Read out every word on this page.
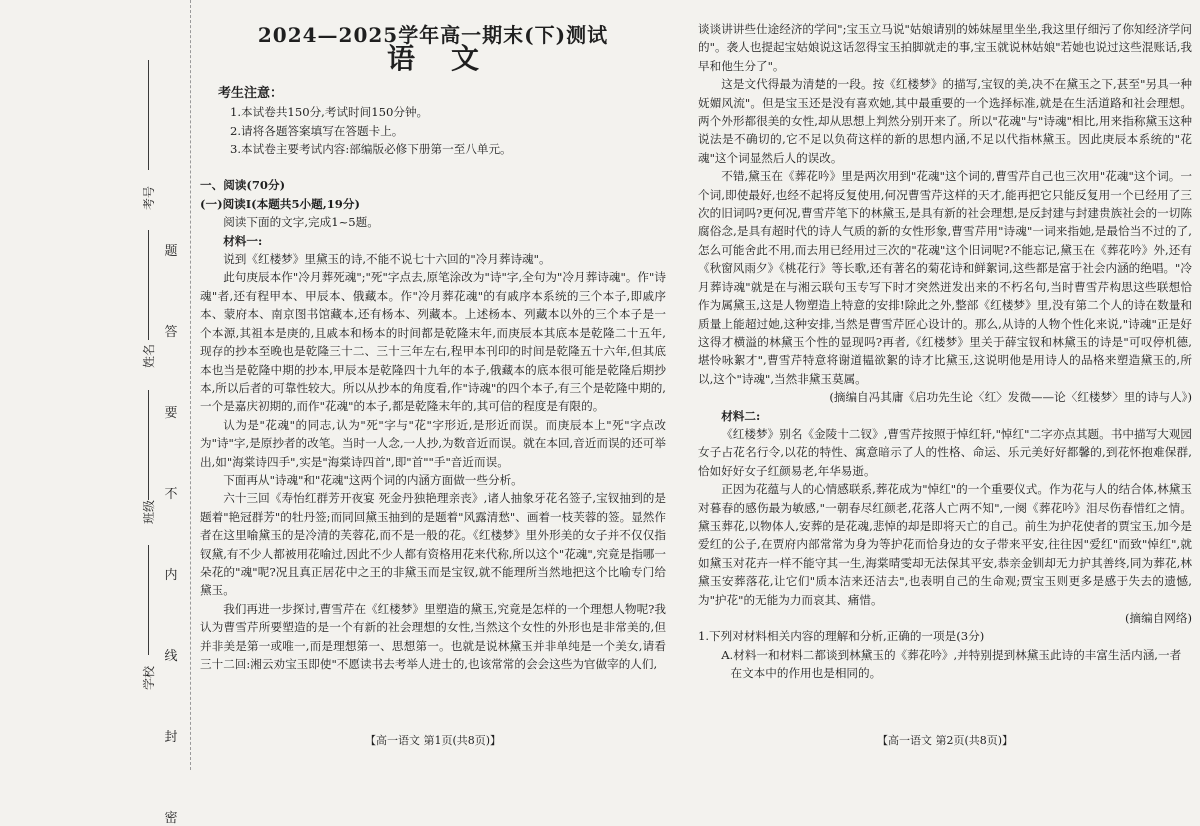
考号
姓名
班级
学校
题
答
要
不
内
线
封
密
2024—2025学年高一期末(下)测试
语文
考生注意：
1.本试卷共150分,考试时间150分钟。
2.请将各题答案填写在答题卡上。
3.本试卷主要考试内容:部编版必修下册第一至八单元。
一、阅读(70分)
(一)阅读Ⅰ(本题共5小题,19分)

阅读下面的文字,完成1~5题。

材料一:

说到《红楼梦》里黛玉的诗,不能不说七十六回的"冷月葬诗魂"。

此句庚辰本作"冷月葬死魂";"死"字点去,原笔涂改为"诗"字,全句为"冷月葬诗魂"。作"诗魂"者,还有程甲本、甲辰本、俄藏本。作"冷月葬花魂"的有戚序本系统的三个本子,即戚序本、蒙府本、南京图书馆藏本,还有杨本、列藏本。上述杨本、列藏本以外的三个本子是一个本源,其祖本是庚的,且戚本和杨本的时间都是乾隆末年,而庚辰本其底本是乾隆二十五年,现存的抄本至晚也是乾隆三十二、三十三年左右,程甲本刊印的时间是乾隆五十六年,但其底本也当是乾隆中期的抄本,甲辰本是乾隆四十九年的本子,俄藏本的底本很可能是乾隆后期抄本,所以后者的可靠性较大。所以从抄本的角度看,作"诗魂"的四个本子,有三个是乾隆中期的,一个是嘉庆初期的,而作"花魂"的本子,都是乾隆末年的,其可信的程度是有限的。

认为是"花魂"的同志,认为"死"字与"花"字形近,是形近而误。而庚辰本上"死"字点改为"诗"字,是原抄者的改笔。当时一人念,一人抄,为数音近而误。就在本回,音近而误的还可举出,如"海棠诗四手",实是"海棠诗四首",即"首""手"音近而误。

下面再从"诗魂"和"花魂"这两个词的内涵方面做一些分析。

六十三回《寿怡红群芳开夜宴 死金丹独艳理亲丧》,诸人抽象牙花名签子,宝钗抽到的是题着"艳冠群芳"的牡丹签;而同回黛玉抽到的是题着"风露清愁"、画着一枝芙蓉的签。显然作者在这里喻黛玉的是冷清的芙蓉花,而不是一般的花。《红楼梦》里外形美的女子并不仅仅指钗黛,有不少人都被用花喻过,因此不少人都有资格用花来代称,所以这个"花魂",究竟是指哪一朵花的"魂"呢?况且真正居花中之王的非黛玉而是宝钗,就不能理所当然地把这个比喻专门给黛玉。

我们再进一步探讨,曹雪芹在《红楼梦》里塑造的黛玉,究竟是怎样的一个理想人物呢?我认为曹雪芹所要塑造的是一个有新的社会理想的女性,当然这个女性的外形也是非常美的,但并非美是第一或唯一,而是理想第一、思想第一。也就是说林黛玉并非单纯是一个美女,请看三十二回:湘云劝宝玉即使"不愿读书去考举人进士的,也该常常的会会这些为官做宰的人们,

【高一语文 第1页(共8页)】

谈谈讲讲些仕途经济的学问";宝玉立马说"姑娘请别的姊妹屋里坐坐,我这里仔细污了你知经济学问的"。袭人也提起宝姑娘说这话忽得宝玉拍脚就走的事,宝玉就说林姑娘"若她也说过这些混账话,我早和他生分了"。

这是文代得最为清楚的一段。按《红楼梦》的描写,宝钗的美,决不在黛玉之下,甚至"另具一种妩媚风流"。但是宝玉还是没有喜欢她,其中最重要的一个选择标准,就是在生活道路和社会理想。两个外形都很美的女性,却从思想上判然分别开来了。所以"花魂"与"诗魂"相比,用来指称黛玉这种说法是不确切的,它不足以负荷这样的新的思想内涵,不足以代指林黛玉。因此庚辰本系统的"花魂"这个词显然后人的误改。

不错,黛玉在《葬花吟》里是两次用到"花魂"这个词的,曹雪芹自己也三次用"花魂"这个词。一个词,即使最好,也经不起将反复使用,何况曹雪芹这样的天才,能再把它只能反复用一个已经用了三次的旧词吗?更何况,曹雪芹笔下的林黛玉,是具有新的社会理想,是反封建与封建贵族社会的一切陈腐俗念,是具有超时代的诗人气质的新的女性形象,曹雪芹用"诗魂"一词来指她,是最恰当不过的了,怎么可能舍此不用,而去用已经用过三次的"花魂"这个旧词呢?不能忘记,黛玉在《葬花吟》外,还有《秋窗风雨夕》《桃花行》等长歌,还有著名的菊花诗和鲜絮词,这些都是富于社会内涵的绝唱。"冷月葬诗魂"就是在与湘云联句玉专写下时才突然迸发出来的不朽名句,当时曹雪芹构思这些联想恰作为属黛玉,这是人物塑造上特意的安排!除此之外,整部《红楼梦》里,没有第二个人的诗在数量和质量上能超过她,这种安排,当然是曹雪芹匠心设计的。那么,从诗的人物个性化来说,"诗魂"正是好这得才横溢的林黛玉个性的显现吗?再者,《红楼梦》里关于薛宝钗和林黛玉的诗是"可叹停机德,堪怜咏絮才",曹雪芹特意将谢道韫欲絮的诗才比黛玉,这说明他是用诗人的品格来塑造黛玉的,所以,这个"诗魂",当然非黛玉莫属。

(摘编自冯其庸《启功先生论〈红〉发微——论〈红楼梦〉里的诗与人》)

材料二:

《红楼梦》别名《金陵十二钗》,曹雪芹按照于悼红轩,"悼红"二字亦点其题。书中描写大观园女子占花名行令,以花的特性、寓意暗示了人的性格、命运、乐元美好好都馨的,到花怀抱难保群,恰如好好女子红颜易老,年华易逝。

正因为花蕴与人的心情感联系,葬花成为"悼红"的一个重要仪式。作为花与人的结合体,林黛玉对暮春的感伤最为敏感,"一朝春尽红颜老,花落人亡两不知",一阕《葬花吟》泪尽伤春惜红之情。黛玉葬花,以物体人,安葬的是花魂,悲悼的却是即将天亡的自己。前生为护花使者的贾宝玉,加今是爱红的公子,在贾府内部常常为身为等护花而恰身边的女子带来平安,往往因"爱红"而致"悼红",就如黛玉对花卉一样不能守其一生,海棠晴雯却无法保其平安,恭亲金钏却无力护其善终,同为葬花,林黛玉安葬落花,让它们"质本洁来还洁去",也表明自己的生命观;贾宝玉则更多是感于失去的遗憾,为"护花"的无能为力而哀其、痛惜。

(摘编自网络)

1.下列对材料相关内容的理解和分析,正确的一项是(3分)

A.材料一和材料二都谈到林黛玉的《葬花吟》,并特别提到林黛玉此诗的丰富生活内涵,一者

在文本中的作用也是相同的。

【高一语文 第2页(共8页)】
